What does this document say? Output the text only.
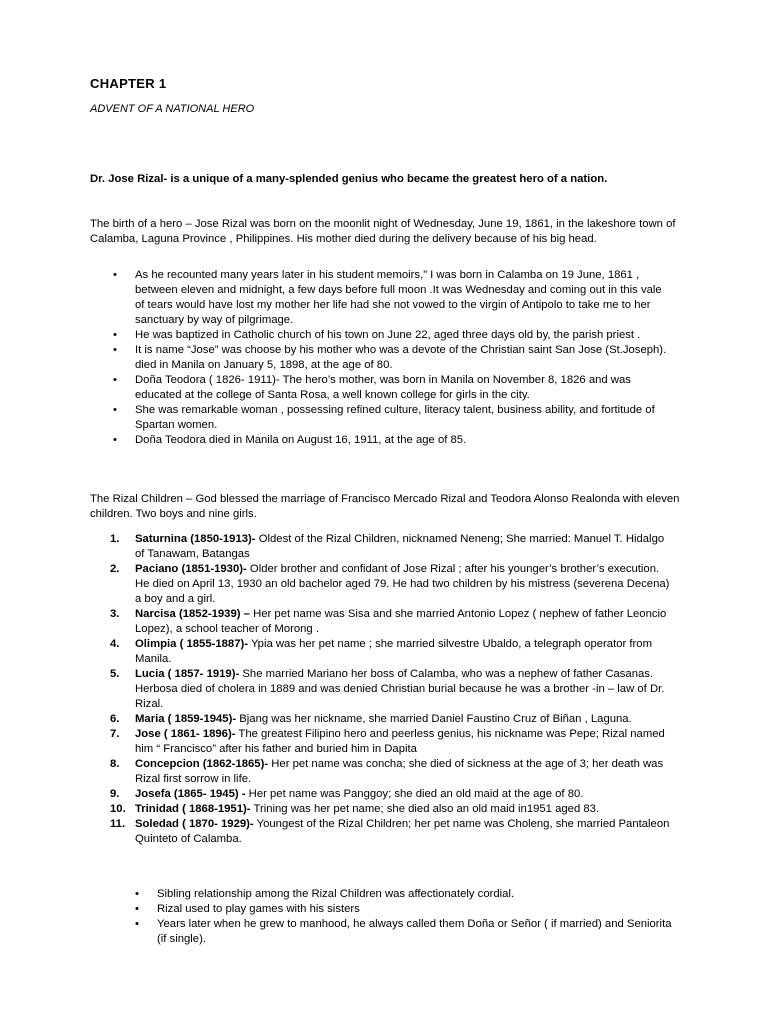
CHAPTER 1

ADVENT OF A NATIONAL HERO

Dr. Jose Rizal- is a unique of a many-splended genius who became the greatest hero of a nation.

The birth of a hero – Jose Rizal was born on the moonlit night of Wednesday, June 19, 1861, in the lakeshore town of Calamba, Laguna Province , Philippines. His mother died during the delivery because of his big head.

• As he recounted many years later in his student memoirs,” I was born in Calamba on 19 June, 1861 , between eleven and midnight, a few days before full moon .It was Wednesday and coming out in this vale of tears would have lost my mother her life had she not vowed to the virgin of Antipolo to take me to her sanctuary by way of pilgrimage.
• He was baptized in Catholic church of his town on June 22, aged three days old by, the parish priest .
• It is name “Jose” was choose by his mother who was a devote of the Christian saint San Jose (St.Joseph). died in Manila on January 5, 1898, at the age of 80.
• Doña Teodora ( 1826- 1911)- The hero’s mother, was born in Manila on November 8, 1826 and was educated at the college of Santa Rosa, a well known college for girls in the city.
• She was remarkable woman , possessing refined culture, literacy talent, business ability, and fortitude of Spartan women.
• Doña Teodora died in Manila on August 16, 1911, at the age of 85.

The Rizal Children – God blessed the marriage of Francisco Mercado Rizal and Teodora Alonso Realonda with eleven children. Two boys and nine girls.

1. Saturnina (1850-1913)- Oldest of the Rizal Children, nicknamed Neneng; She married: Manuel T. Hidalgo of Tanawam, Batangas
2. Paciano (1851-1930)- Older brother and confidant of Jose Rizal ; after his younger’s brother’s execution. He died on April 13, 1930 an old bachelor aged 79. He had two children by his mistress (severena Decena) a boy and a girl.
3. Narcisa (1852-1939) – Her pet name was Sisa and she married Antonio Lopez ( nephew of father Leoncio Lopez), a school teacher of Morong .
4. Olimpia ( 1855-1887)- Ypia was her pet name ; she married silvestre Ubaldo, a telegraph operator from Manila.
5. Lucia ( 1857- 1919)- She married Mariano her boss of Calamba, who was a nephew of father Casanas. Herbosa died of cholera in 1889 and was denied Christian burial because he was a brother -in – law of Dr. Rizal.
6. Maria ( 1859-1945)- Bjang was her nickname, she married Daniel Faustino Cruz of Biñan , Laguna.
7. Jose ( 1861- 1896)- The greatest Filipino hero and peerless genius, his nickname was Pepe; Rizal named him “ Francisco” after his father and buried him in Dapita
8. Concepcion (1862-1865)- Her pet name was concha; she died of sickness at the age of 3; her death was Rizal first sorrow in life.
9. Josefa (1865- 1945) - Her pet name was Panggoy; she died an old maid at the age of 80.
10. Trinidad ( 1868-1951)- Trining was her pet name; she died also an old maid in1951 aged 83.
11. Soledad ( 1870- 1929)- Youngest of the Rizal Children; her pet name was Choleng, she married Pantaleon Quinteto of Calamba.
• Sibling relationship among the Rizal Children was affectionately cordial.
• Rizal used to play games with his sisters
• Years later when he grew to manhood, he always called them Doña or Señor ( if married) and Seniorita (if single).
